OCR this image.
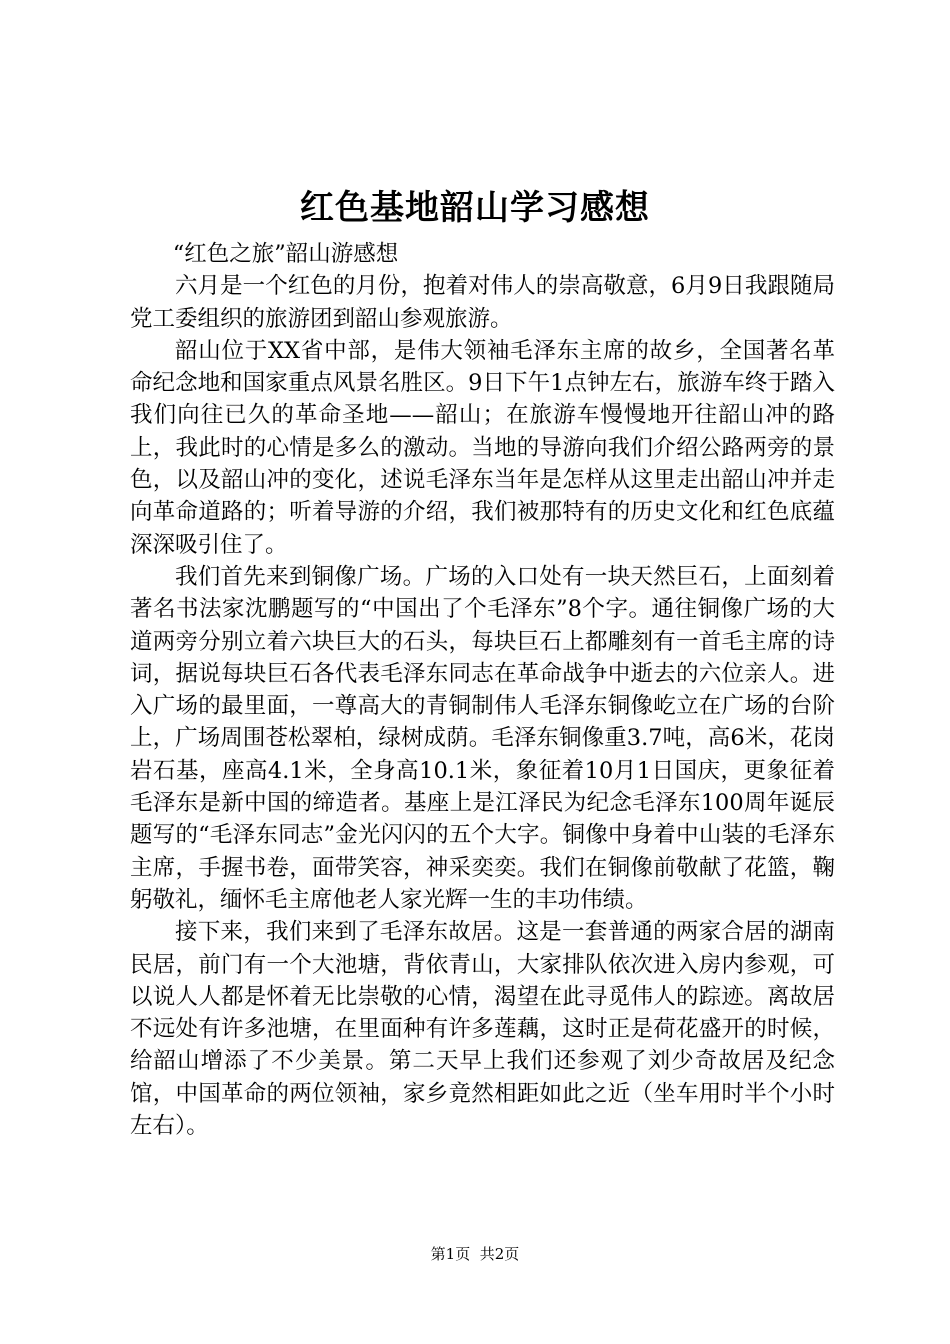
红色基地韶山学习感想

“红色之旅”韶山游感想

六月是一个红色的月份，抱着对伟人的崇高敬意，6月9日我跟随局党工委组织的旅游团到韶山参观旅游。

韶山位于XX省中部，是伟大领袖毛泽东主席的故乡，全国著名革命纪念地和国家重点风景名胜区。9日下午1点钟左右，旅游车终于踏入我们向往已久的革命圣地——韶山；在旅游车慢慢地开往韶山冲的路上，我此时的心情是多么的激动。当地的导游向我们介绍公路两旁的景色，以及韶山冲的变化，述说毛泽东当年是怎样从这里走出韶山冲并走向革命道路的；听着导游的介绍，我们被那特有的历史文化和红色底蕴深深吸引住了。

我们首先来到铜像广场。广场的入口处有一块天然巨石，上面刻着著名书法家沈鹏题写的“中国出了个毛泽东”8个字。通往铜像广场的大道两旁分别立着六块巨大的石头，每块巨石上都雕刻有一首毛主席的诗词，据说每块巨石各代表毛泽东同志在革命战争中逝去的六位亲人。进入广场的最里面，一尊高大的青铜制伟人毛泽东铜像屹立在广场的台阶上，广场周围苍松翠柏，绿树成荫。毛泽东铜像重3.7吨，高6米，花岗岩石基，座高4.1米，全身高10.1米，象征着10月1日国庆，更象征着毛泽东是新中国的缔造者。基座上是江泽民为纪念毛泽东100周年诞辰题写的“毛泽东同志”金光闪闪的五个大字。铜像中身着中山装的毛泽东主席，手握书卷，面带笑容，神采奕奕。我们在铜像前敬献了花篮，鞠躬敬礼，缅怀毛主席他老人家光辉一生的丰功伟绩。

接下来，我们来到了毛泽东故居。这是一套普通的两家合居的湖南民居，前门有一个大池塘，背依青山，大家排队依次进入房内参观，可以说人人都是怀着无比崇敬的心情，渴望在此寻觅伟人的踪迹。离故居不远处有许多池塘，在里面种有许多莲藕，这时正是荷花盛开的时候，给韶山增添了不少美景。第二天早上我们还参观了刘少奇故居及纪念馆，中国革命的两位领袖，家乡竟然相距如此之近（坐车用时半个小时左右）。

第1页 共2页
